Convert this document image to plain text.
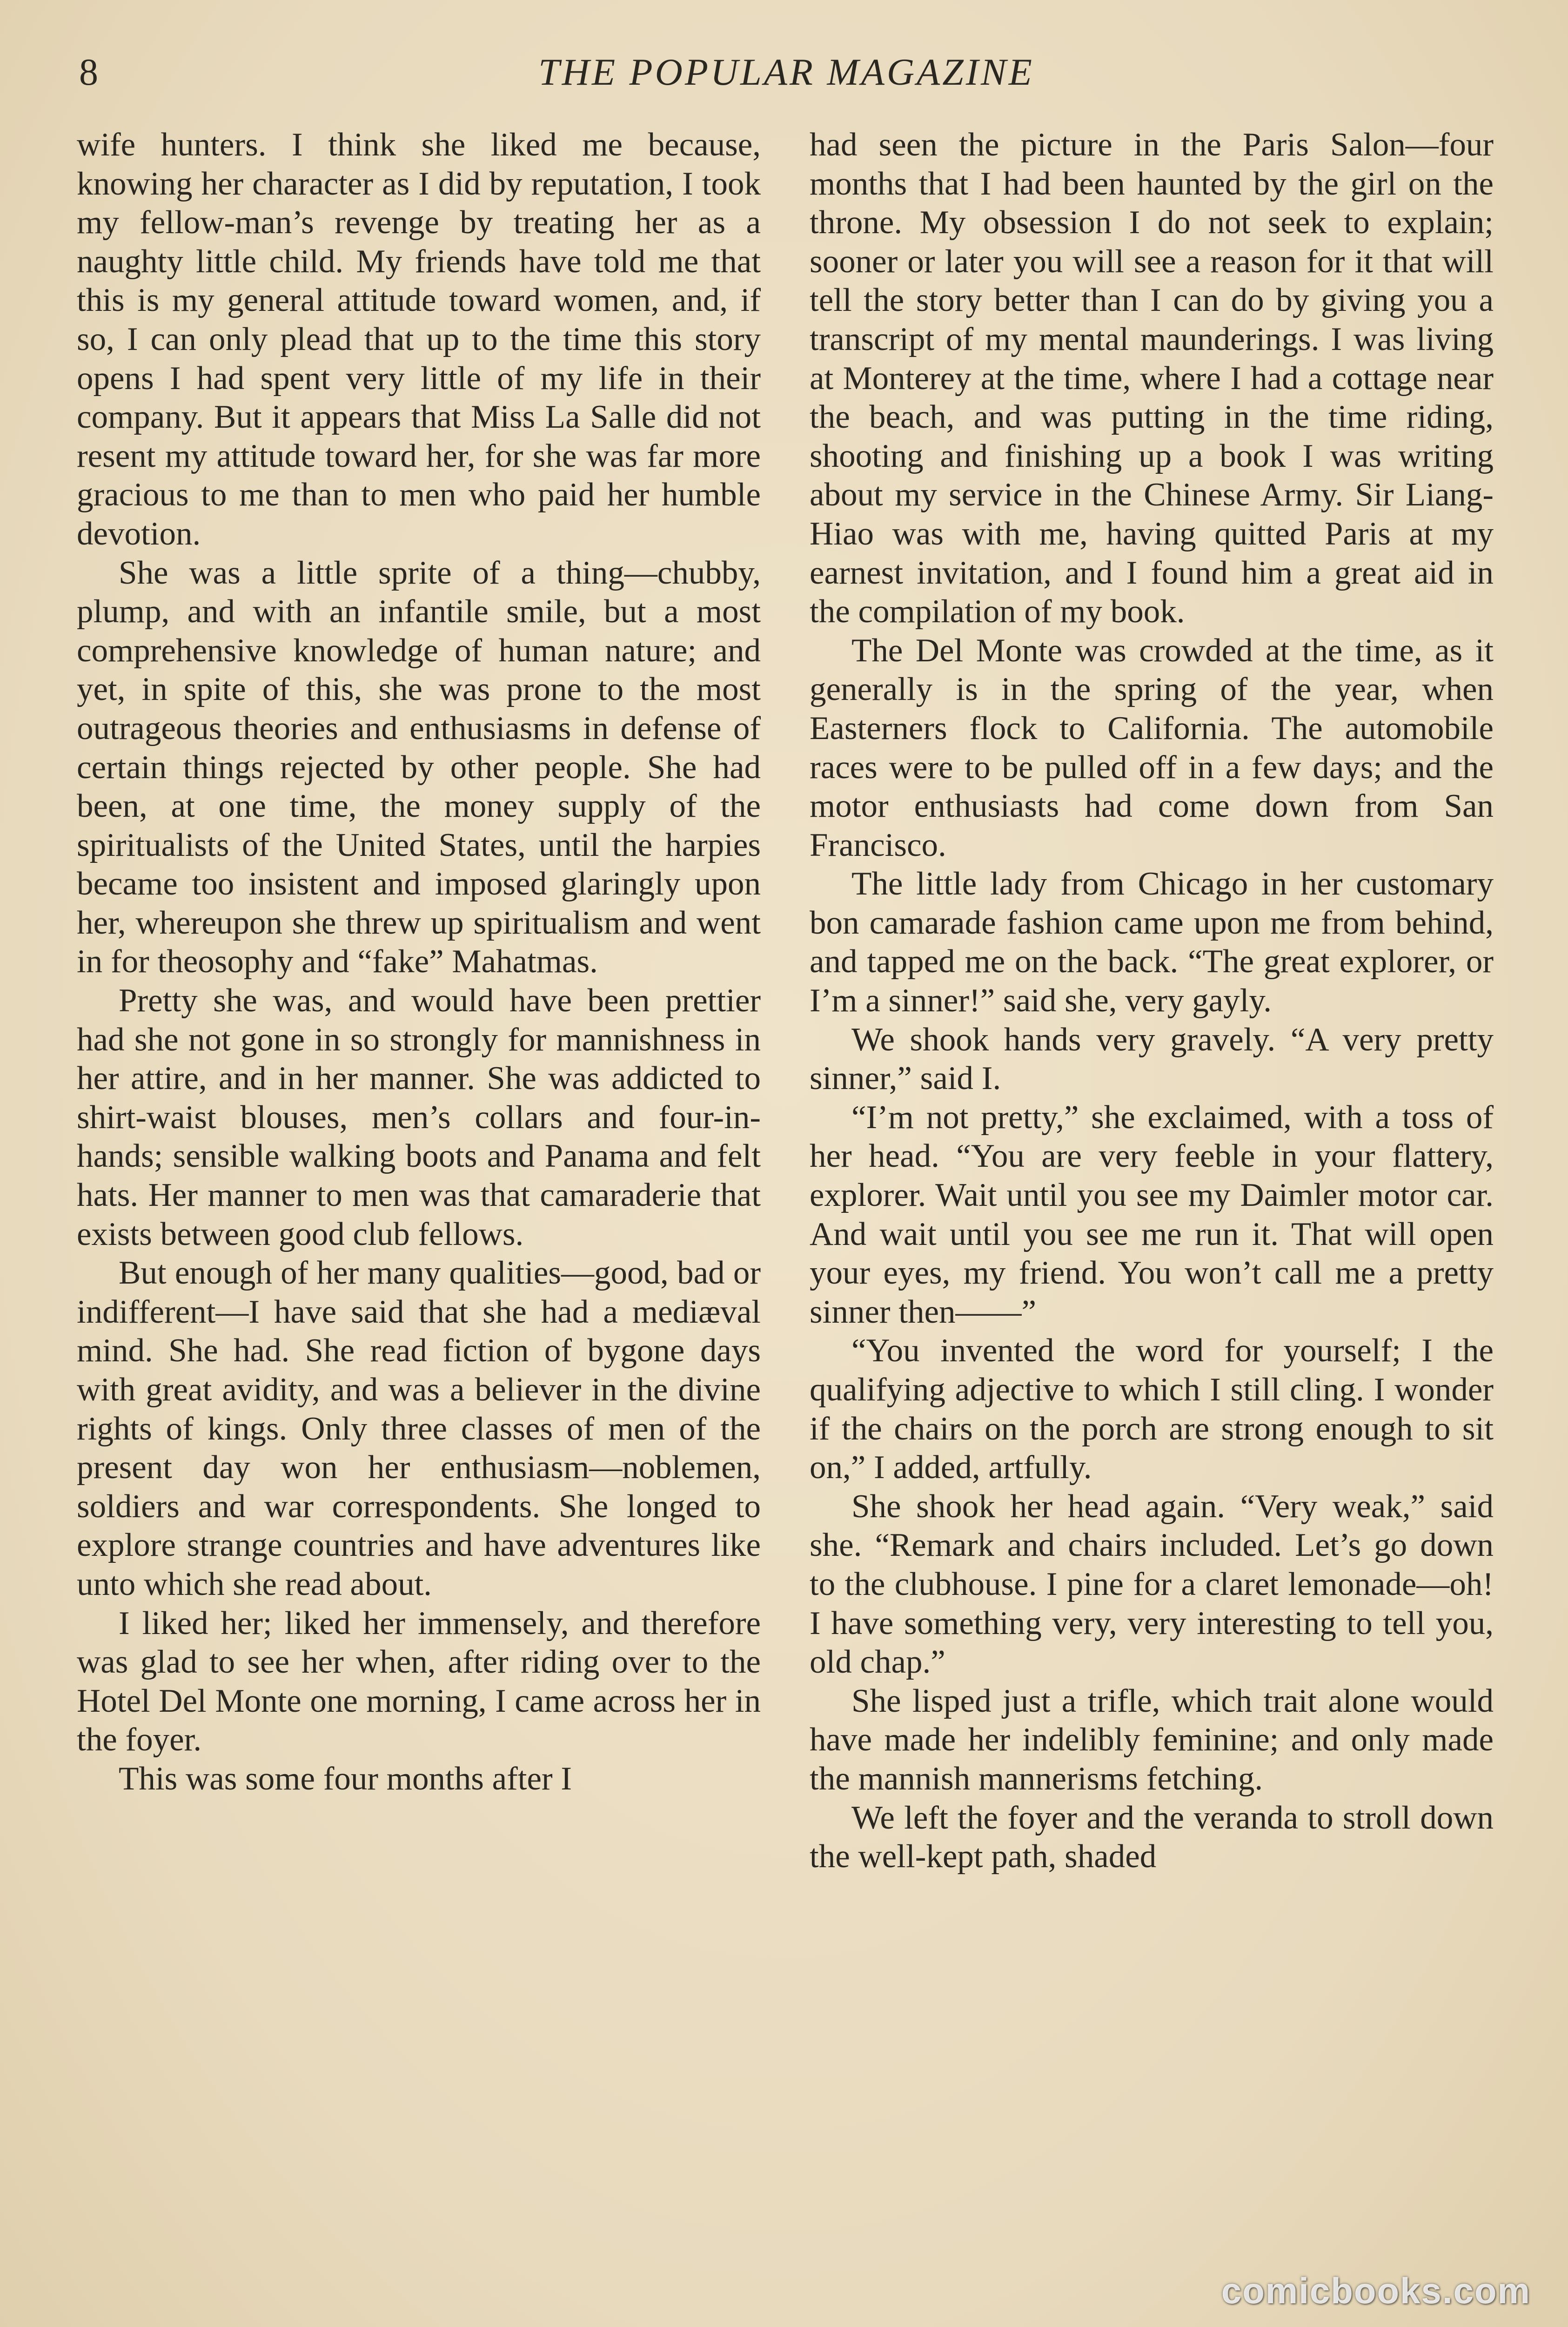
8	THE POPULAR MAGAZINE

wife hunters. I think she liked me because, knowing her character as I did by reputation, I took my fellow-man’s revenge by treating her as a naughty little child. My friends have told me that this is my general attitude toward women, and, if so, I can only plead that up to the time this story opens I had spent very little of my life in their company. But it appears that Miss La Salle did not resent my attitude toward her, for she was far more gracious to me than to men who paid her humble devotion.

She was a little sprite of a thing—chubby, plump, and with an infantile smile, but a most comprehensive knowledge of human nature; and yet, in spite of this, she was prone to the most outrageous theories and enthusiasms in defense of certain things rejected by other people. She had been, at one time, the money supply of the spiritualists of the United States, until the harpies became too insistent and imposed glaringly upon her, whereupon she threw up spiritualism and went in for theosophy and “fake” Mahatmas.

Pretty she was, and would have been prettier had she not gone in so strongly for mannishness in her attire, and in her manner. She was addicted to shirt-waist blouses, men’s collars and four-in-hands; sensible walking boots and Panama and felt hats. Her manner to men was that camaraderie that exists between good club fellows.

But enough of her many qualities—good, bad or indifferent—I have said that she had a mediæval mind. She had. She read fiction of bygone days with great avidity, and was a believer in the divine rights of kings. Only three classes of men of the present day won her enthusiasm—noblemen, soldiers and war correspondents. She longed to explore strange countries and have adventures like unto which she read about.

I liked her; liked her immensely, and therefore was glad to see her when, after riding over to the Hotel Del Monte one morning, I came across her in the foyer.

This was some four months after I

had seen the picture in the Paris Salon—four months that I had been haunted by the girl on the throne. My obsession I do not seek to explain; sooner or later you will see a reason for it that will tell the story better than I can do by giving you a transcript of my mental maunderings. I was living at Monterey at the time, where I had a cottage near the beach, and was putting in the time riding, shooting and finishing up a book I was writing about my service in the Chinese Army. Sir Liang-Hiao was with me, having quitted Paris at my earnest invitation, and I found him a great aid in the compilation of my book.

The Del Monte was crowded at the time, as it generally is in the spring of the year, when Easterners flock to California. The automobile races were to be pulled off in a few days; and the motor enthusiasts had come down from San Francisco.

The little lady from Chicago in her customary bon camarade fashion came upon me from behind, and tapped me on the back. “The great explorer, or I’m a sinner!” said she, very gayly.

We shook hands very gravely. “A very pretty sinner,” said I.

“I’m not pretty,” she exclaimed, with a toss of her head. “You are very feeble in your flattery, explorer. Wait until you see my Daimler motor car. And wait until you see me run it. That will open your eyes, my friend. You won’t call me a pretty sinner then——”

“You invented the word for yourself; I the qualifying adjective to which I still cling. I wonder if the chairs on the porch are strong enough to sit on,” I added, artfully.

She shook her head again. “Very weak,” said she. “Remark and chairs included. Let’s go down to the clubhouse. I pine for a claret lemonade—oh! I have something very, very interesting to tell you, old chap.”

She lisped just a trifle, which trait alone would have made her indelibly feminine; and only made the mannish mannerisms fetching.

We left the foyer and the veranda to stroll down the well-kept path, shaded

comicbooks.com
